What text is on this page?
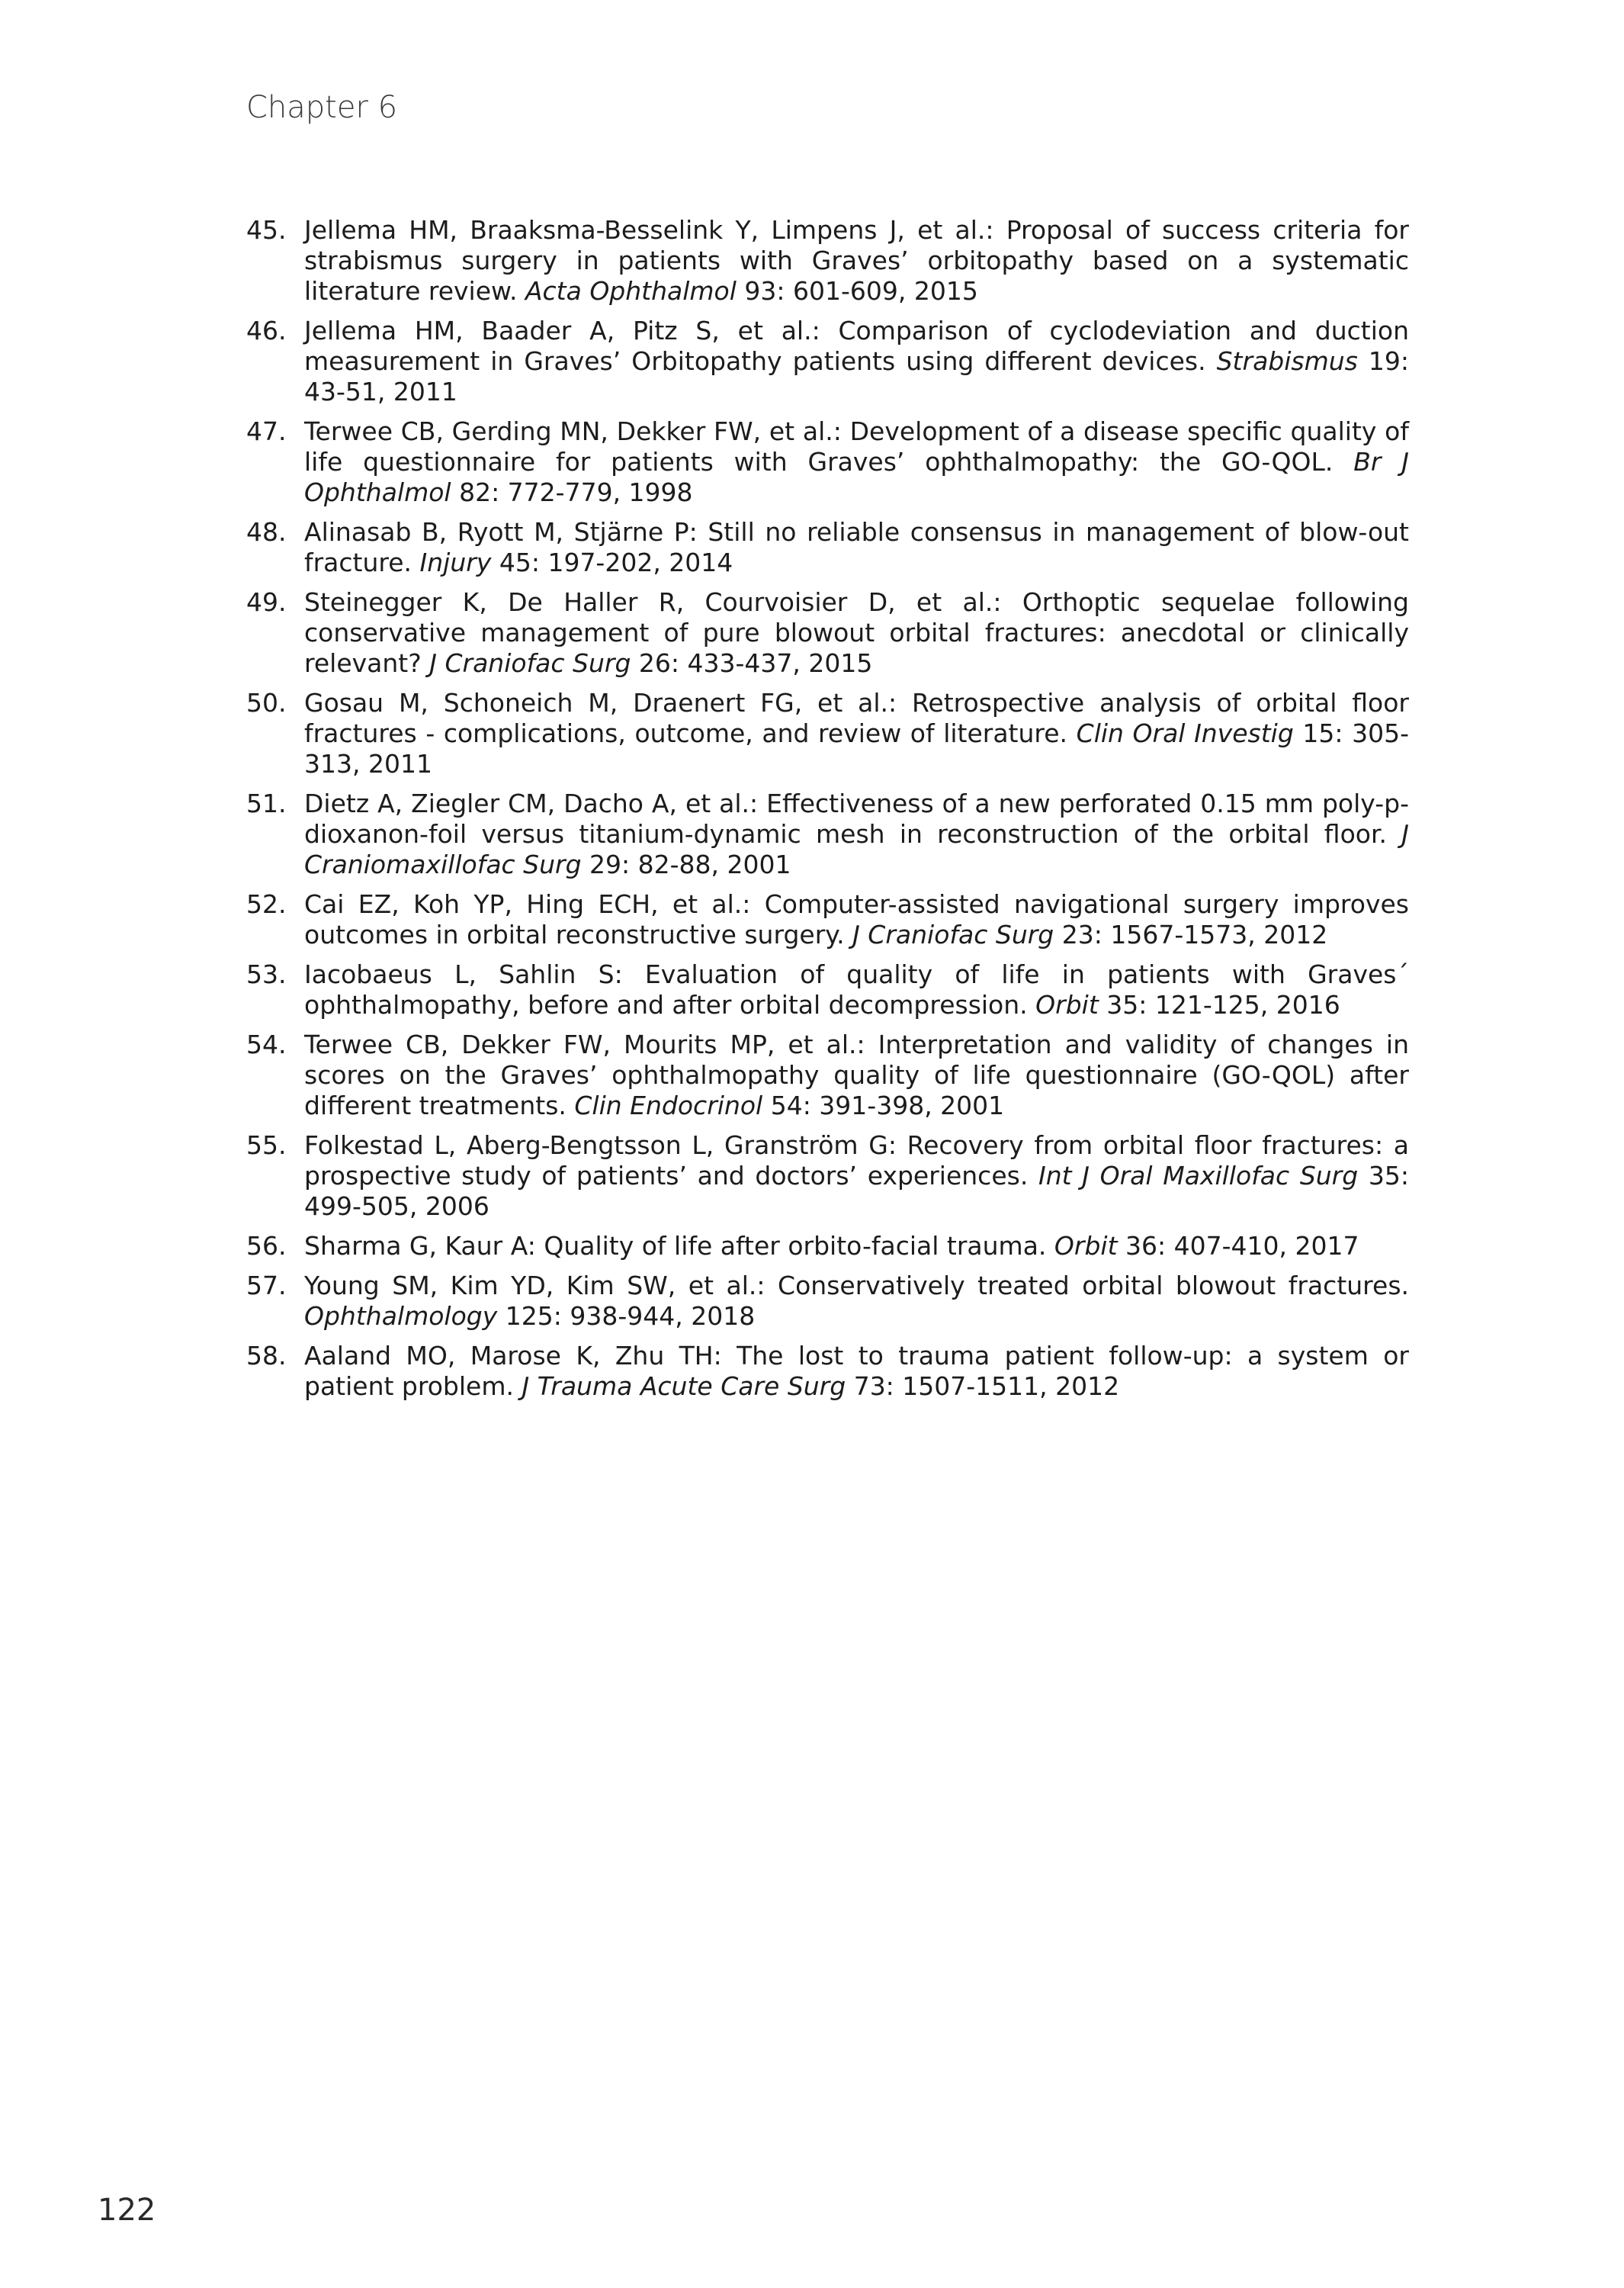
Chapter 6
45. Jellema HM, Braaksma-Besselink Y, Limpens J, et al.: Proposal of success criteria for strabismus surgery in patients with Graves’ orbitopathy based on a systematic literature review. Acta Ophthalmol 93: 601-609, 2015
46. Jellema HM, Baader A, Pitz S, et al.: Comparison of cyclodeviation and duction measurement in Graves’ Orbitopathy patients using different devices. Strabismus 19: 43-51, 2011
47. Terwee CB, Gerding MN, Dekker FW, et al.: Development of a disease specific quality of life questionnaire for patients with Graves’ ophthalmopathy: the GO-QOL. Br J Ophthalmol 82: 772-779, 1998
48. Alinasab B, Ryott M, Stjärne P: Still no reliable consensus in management of blow-out fracture. Injury 45: 197-202, 2014
49. Steinegger K, De Haller R, Courvoisier D, et al.: Orthoptic sequelae following conservative management of pure blowout orbital fractures: anecdotal or clinically relevant? J Craniofac Surg 26: 433-437, 2015
50. Gosau M, Schoneich M, Draenert FG, et al.: Retrospective analysis of orbital floor fractures - complications, outcome, and review of literature. Clin Oral Investig 15: 305-313, 2011
51. Dietz A, Ziegler CM, Dacho A, et al.: Effectiveness of a new perforated 0.15 mm poly-p-dioxanon-foil versus titanium-dynamic mesh in reconstruction of the orbital floor. J Craniomaxillofac Surg 29: 82-88, 2001
52. Cai EZ, Koh YP, Hing ECH, et al.: Computer-assisted navigational surgery improves outcomes in orbital reconstructive surgery. J Craniofac Surg 23: 1567-1573, 2012
53. Iacobaeus L, Sahlin S: Evaluation of quality of life in patients with Graves´ ophthalmopathy, before and after orbital decompression. Orbit 35: 121-125, 2016
54. Terwee CB, Dekker FW, Mourits MP, et al.: Interpretation and validity of changes in scores on the Graves’ ophthalmopathy quality of life questionnaire (GO-QOL) after different treatments. Clin Endocrinol 54: 391-398, 2001
55. Folkestad L, Aberg-Bengtsson L, Granström G: Recovery from orbital floor fractures: a prospective study of patients’ and doctors’ experiences. Int J Oral Maxillofac Surg 35: 499-505, 2006
56. Sharma G, Kaur A: Quality of life after orbito-facial trauma. Orbit 36: 407-410, 2017
57. Young SM, Kim YD, Kim SW, et al.: Conservatively treated orbital blowout fractures. Ophthalmology 125: 938-944, 2018
58. Aaland MO, Marose K, Zhu TH: The lost to trauma patient follow-up: a system or patient problem. J Trauma Acute Care Surg 73: 1507-1511, 2012
122
